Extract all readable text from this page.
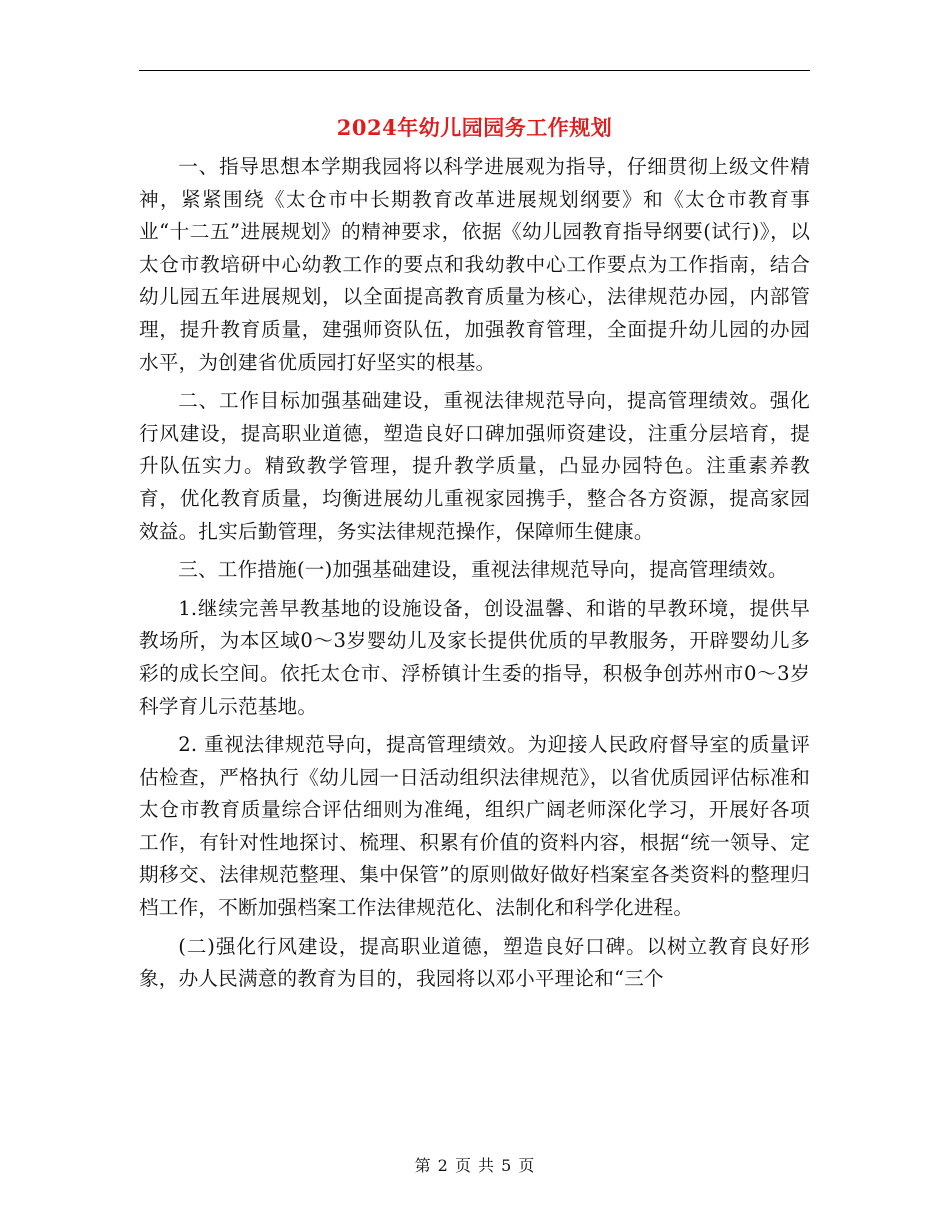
2024年幼儿园园务工作规划

一、指导思想本学期我园将以科学进展观为指导，仔细贯彻上级文件精神，紧紧围绕《太仓市中长期教育改革进展规划纲要》和《太仓市教育事业“十二五”进展规划》的精神要求，依据《幼儿园教育指导纲要(试行)》，以太仓市教培研中心幼教工作的要点和我幼教中心工作要点为工作指南，结合幼儿园五年进展规划，以全面提高教育质量为核心，法律规范办园，内部管理，提升教育质量，建强师资队伍，加强教育管理，全面提升幼儿园的办园水平，为创建省优质园打好坚实的根基。

二、工作目标加强基础建设，重视法律规范导向，提高管理绩效。强化行风建设，提高职业道德，塑造良好口碑加强师资建设，注重分层培育，提升队伍实力。精致教学管理，提升教学质量，凸显办园特色。注重素养教育，优化教育质量，均衡进展幼儿重视家园携手，整合各方资源，提高家园效益。扎实后勤管理，务实法律规范操作，保障师生健康。

三、工作措施(一)加强基础建设，重视法律规范导向，提高管理绩效。

1.继续完善早教基地的设施设备，创设温馨、和谐的早教环境，提供早教场所，为本区域0～3岁婴幼儿及家长提供优质的早教服务，开辟婴幼儿多彩的成长空间。依托太仓市、浮桥镇计生委的指导，积极争创苏州市0～3岁科学育儿示范基地。

2. 重视法律规范导向，提高管理绩效。为迎接人民政府督导室的质量评估检查，严格执行《幼儿园一日活动组织法律规范》，以省优质园评估标准和太仓市教育质量综合评估细则为准绳，组织广阔老师深化学习，开展好各项工作，有针对性地探讨、梳理、积累有价值的资料内容，根据“统一领导、定期移交、法律规范整理、集中保管”的原则做好做好档案室各类资料的整理归档工作，不断加强档案工作法律规范化、法制化和科学化进程。

(二)强化行风建设，提高职业道德，塑造良好口碑。以树立教育良好形象，办人民满意的教育为目的，我园将以邓小平理论和“三个

第 2 页 共 5 页
